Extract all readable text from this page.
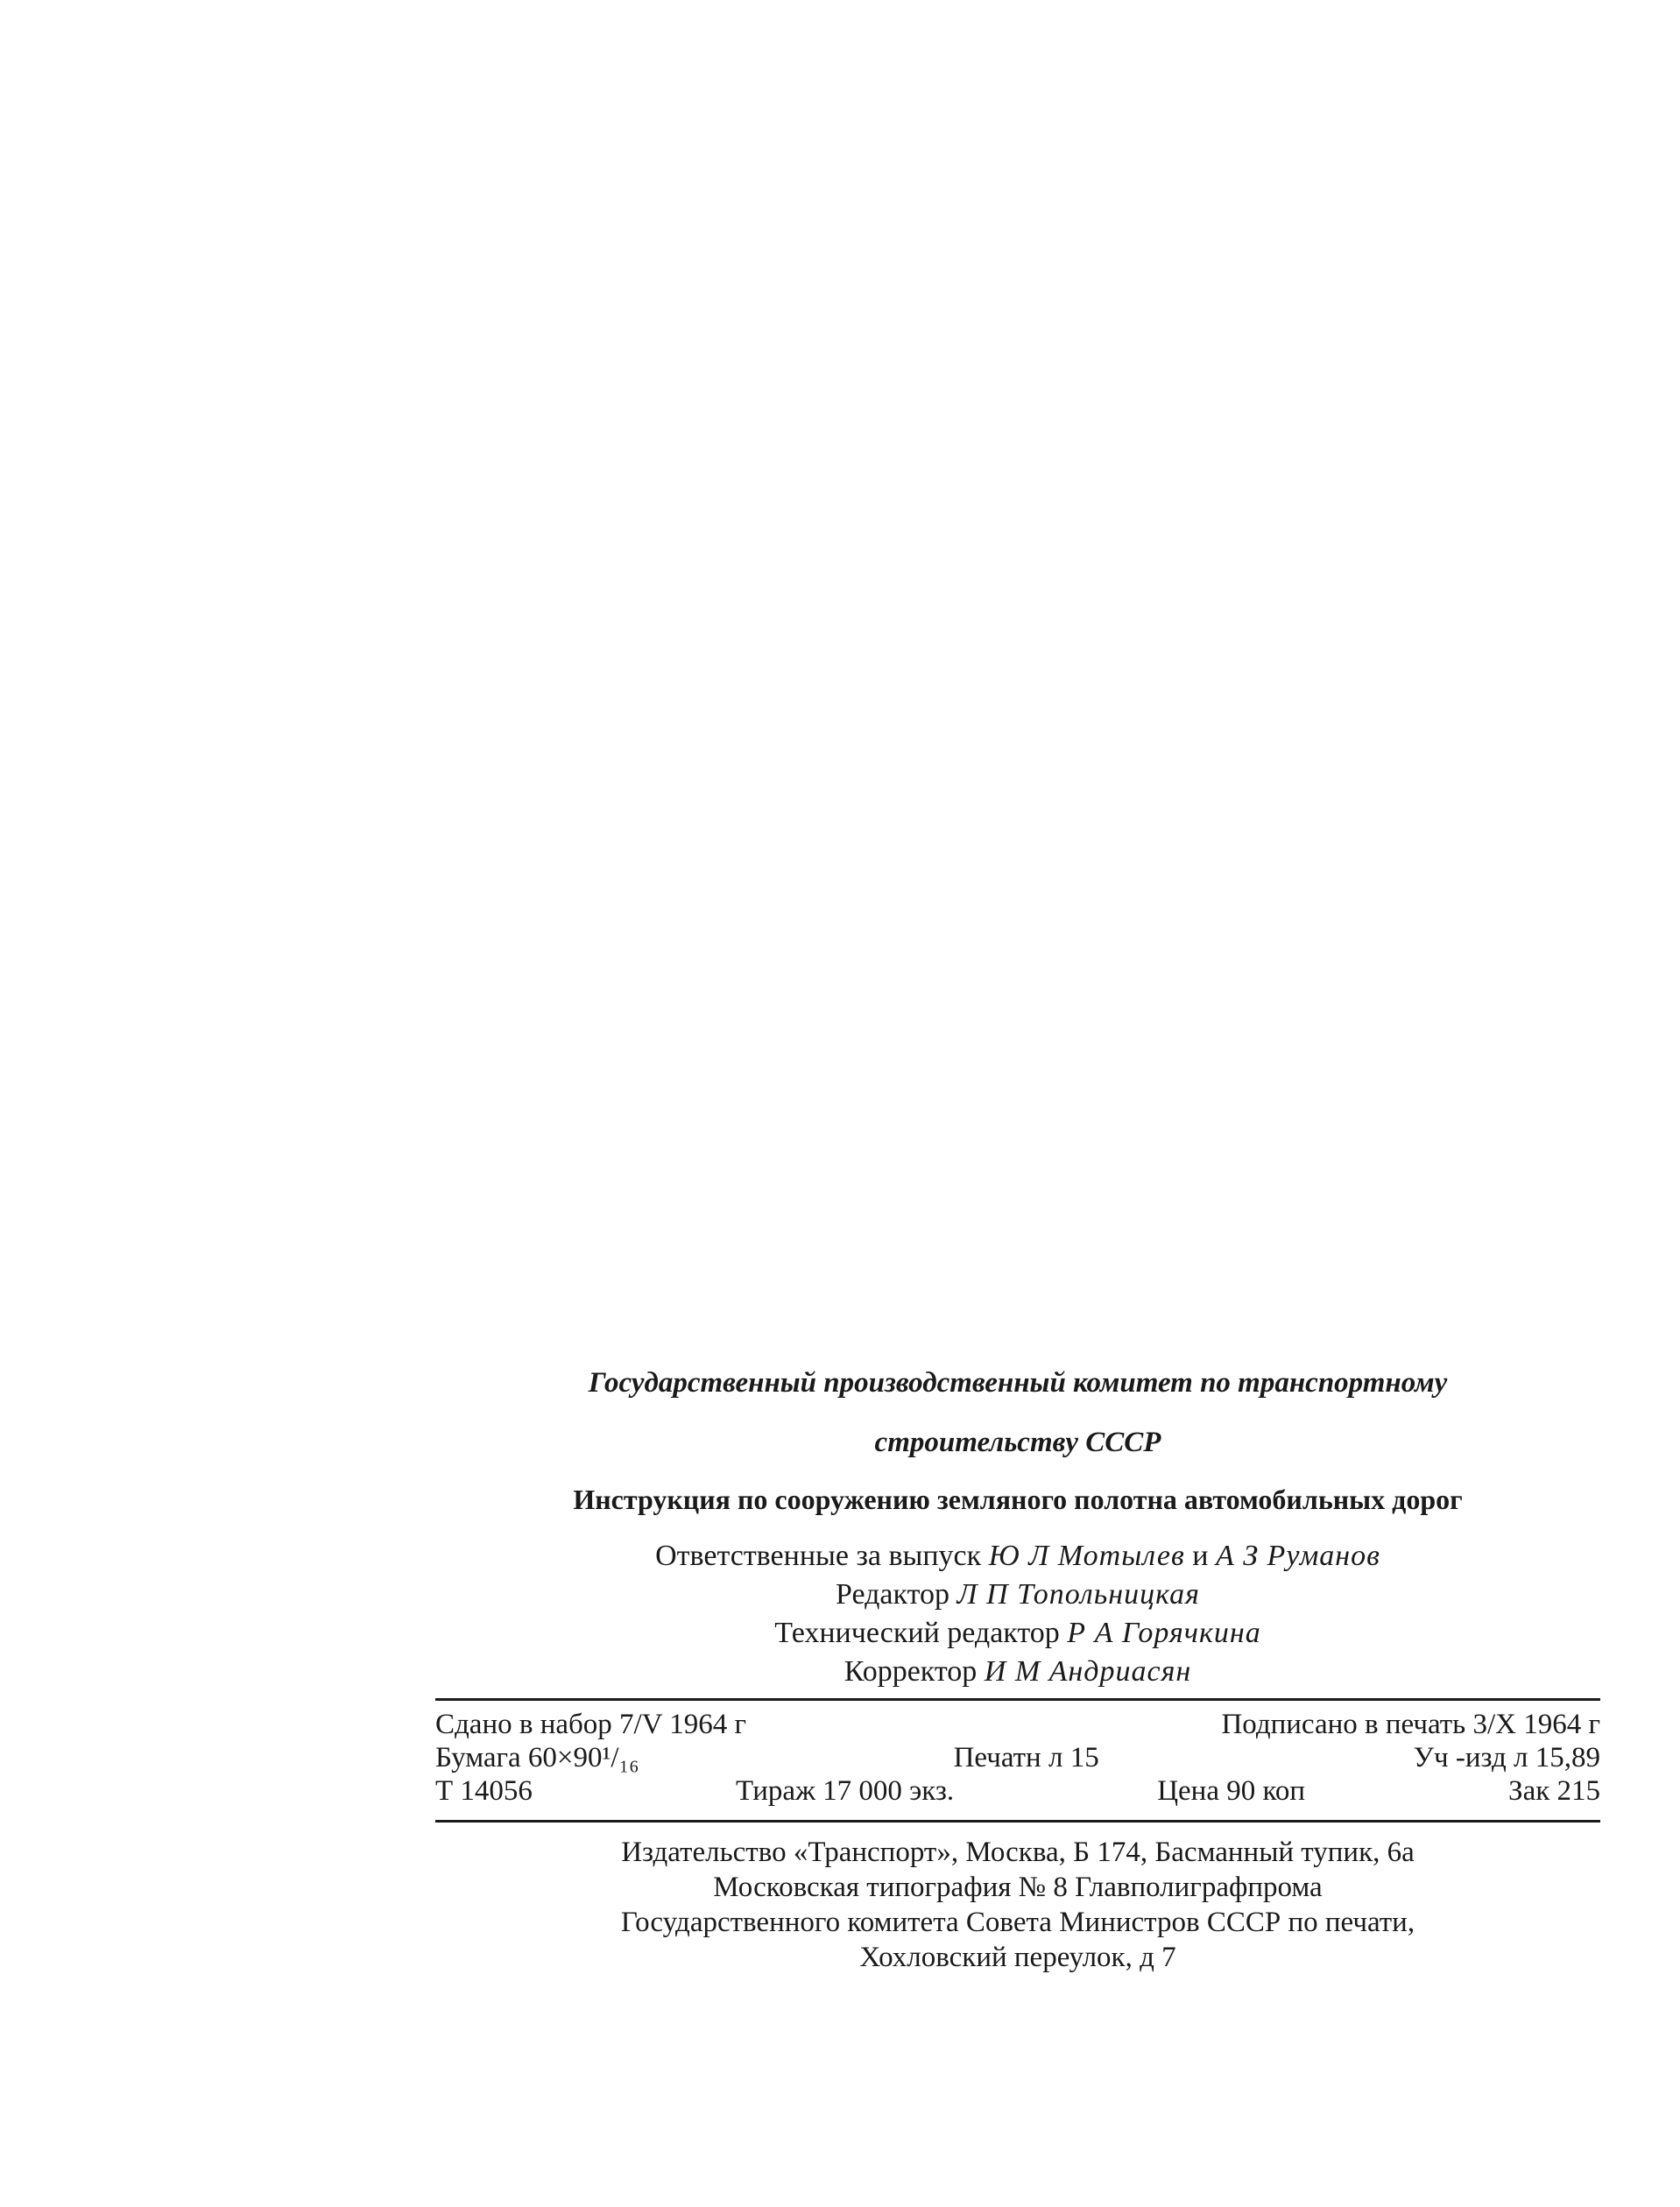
Государственный производственный комитет по транспортному
строительству СССР
Инструкция по сооружению земляного полотна автомобильных дорог
Ответственные за выпуск Ю Л Мотылев и А З Руманов
Редактор Л П Топольницкая
Технический редактор Р А Горячкина
Корректор И М Андриасян
Сдано в набор 7/V 1964 г	Подписано в печать 3/Х 1964 г
Бумага 60×90¹/₁₆	Печатн л 15	Уч -изд л 15,89
Т 14056	Тираж 17 000 экз.	Цена 90 коп	Зак 215
Издательство «Транспорт», Москва, Б 174, Басманный тупик, 6а
Московская типография № 8 Главполиграфпрома
Государственного комитета Совета Министров СССР по печати,
Хохловский переулок, д 7
